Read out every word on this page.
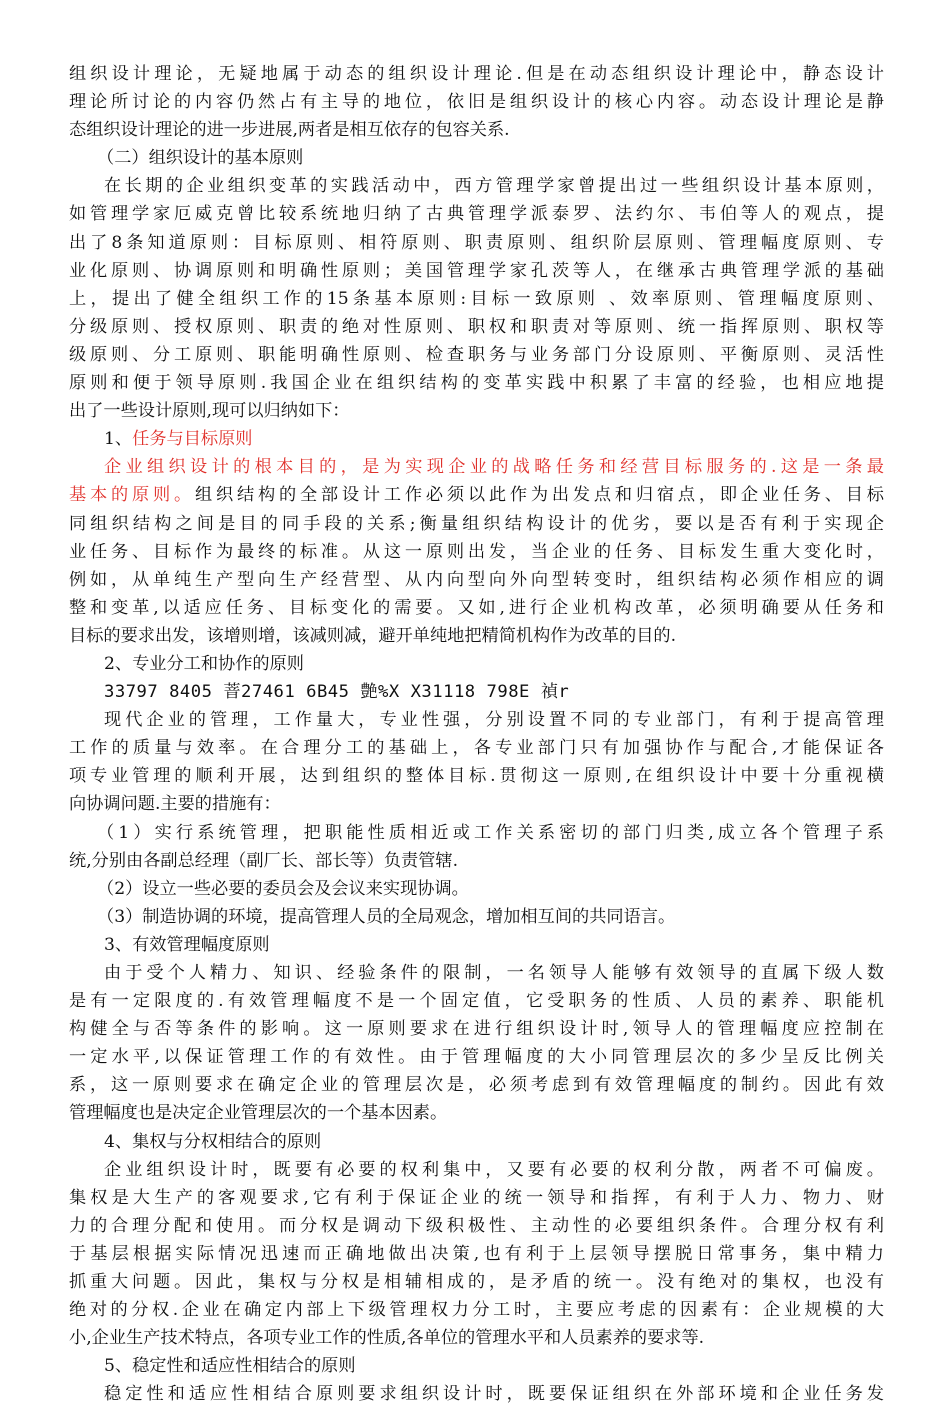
组织设计理论，无疑地属于动态的组织设计理论.但是在动态组织设计理论中，静态设计
理论所讨论的内容仍然占有主导的地位，依旧是组织设计的核心内容。动态设计理论是静
态组织设计理论的进一步进展,两者是相互依存的包容关系.
（二）组织设计的基本原则
在长期的企业组织变革的实践活动中，西方管理学家曾提出过一些组织设计基本原则，
如管理学家厄威克曾比较系统地归纳了古典管理学派泰罗、法约尔、韦伯等人的观点，提
出了8条知道原则：目标原则、相符原则、职责原则、组织阶层原则、管理幅度原则、专
业化原则、协调原则和明确性原则；美国管理学家孔茨等人，在继承古典管理学派的基础
上，提出了健全组织工作的15条基本原则:目标一致原则 、效率原则、管理幅度原则、
分级原则、授权原则、职责的绝对性原则、职权和职责对等原则、统一指挥原则、职权等
级原则、分工原则、职能明确性原则、检查职务与业务部门分设原则、平衡原则、灵活性
原则和便于领导原则.我国企业在组织结构的变革实践中积累了丰富的经验，也相应地提
出了一些设计原则,现可以归纳如下：
1、任务与目标原则
企业组织设计的根本目的，是为实现企业的战略任务和经营目标服务的.这是一条最
基本的原则。组织结构的全部设计工作必须以此作为出发点和归宿点，即企业任务、目标
同组织结构之间是目的同手段的关系;衡量组织结构设计的优劣，要以是否有利于实现企
业任务、目标作为最终的标准。从这一原则出发，当企业的任务、目标发生重大变化时，
例如，从单纯生产型向生产经营型、从内向型向外向型转变时，组织结构必须作相应的调
整和变革,以适应任务、目标变化的需要。又如,进行企业机构改革，必须明确要从任务和
目标的要求出发，该增则增，该减则减，避开单纯地把精简机构作为改革的目的.
2、专业分工和协作的原则
33797 8405 萻27461 6B45 艶%X X31118 798E 禎r
现代企业的管理，工作量大，专业性强，分别设置不同的专业部门，有利于提高管理
工作的质量与效率。在合理分工的基础上，各专业部门只有加强协作与配合,才能保证各
项专业管理的顺利开展，达到组织的整体目标.贯彻这一原则,在组织设计中要十分重视横
向协调问题.主要的措施有：
（1）实行系统管理，把职能性质相近或工作关系密切的部门归类,成立各个管理子系
统,分别由各副总经理（副厂长、部长等）负责管辖.
（2）设立一些必要的委员会及会议来实现协调。
（3）制造协调的环境，提高管理人员的全局观念，增加相互间的共同语言。
3、有效管理幅度原则
由于受个人精力、知识、经验条件的限制，一名领导人能够有效领导的直属下级人数
是有一定限度的.有效管理幅度不是一个固定值，它受职务的性质、人员的素养、职能机
构健全与否等条件的影响。这一原则要求在进行组织设计时,领导人的管理幅度应控制在
一定水平,以保证管理工作的有效性。由于管理幅度的大小同管理层次的多少呈反比例关
系，这一原则要求在确定企业的管理层次是，必须考虑到有效管理幅度的制约。因此有效
管理幅度也是决定企业管理层次的一个基本因素。
4、集权与分权相结合的原则
企业组织设计时，既要有必要的权利集中，又要有必要的权利分散，两者不可偏废。
集权是大生产的客观要求,它有利于保证企业的统一领导和指挥，有利于人力、物力、财
力的合理分配和使用。而分权是调动下级积极性、主动性的必要组织条件。合理分权有利
于基层根据实际情况迅速而正确地做出决策,也有利于上层领导摆脱日常事务，集中精力
抓重大问题。因此，集权与分权是相辅相成的，是矛盾的统一。没有绝对的集权，也没有
绝对的分权.企业在确定内部上下级管理权力分工时，主要应考虑的因素有：企业规模的大
小,企业生产技术特点，各项专业工作的性质,各单位的管理水平和人员素养的要求等.
5、稳定性和适应性相结合的原则
稳定性和适应性相结合原则要求组织设计时，既要保证组织在外部环境和企业任务发
